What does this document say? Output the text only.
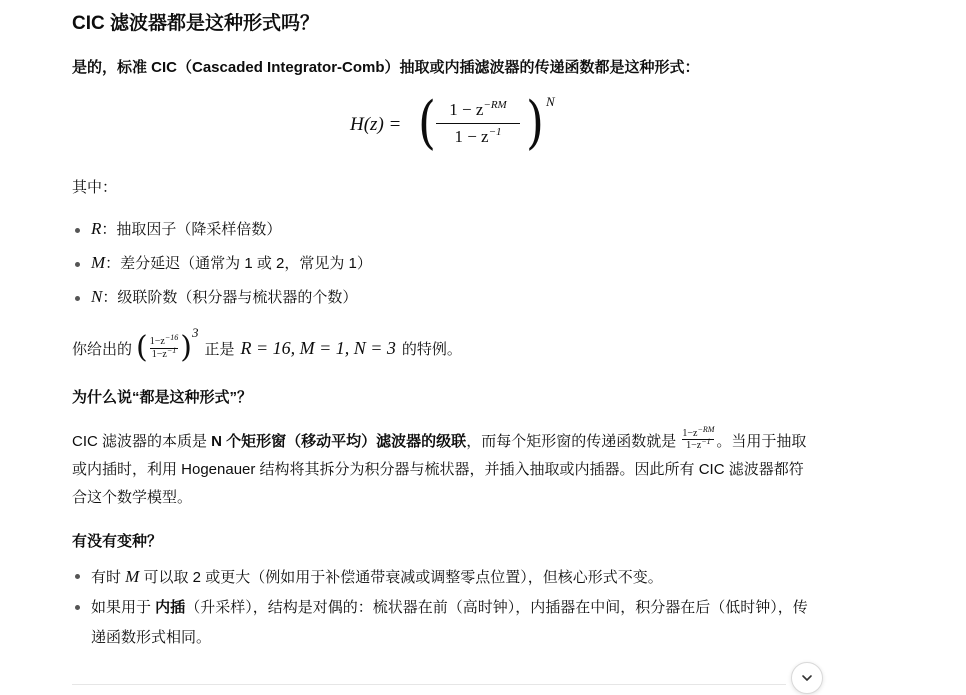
CIC 滤波器都是这种形式吗？

是的，标准 CIC（Cascaded Integrator-Comb）抽取或内插滤波器的传递函数都是这种形式：

H(z) = ( $1 - z^{-RM}$
$1 - z^{-1}$ ) N

其中：

R：抽取因子（降采样倍数）
M：差分延迟（通常为 1 或 2，常见为 1）
N：级联阶数（积分器与梳状器的个数）
你给出的 ( $\frac{1-z^{-16}}{1-z^{-1}}$ ) 3
正是 R = 16, M = 1, N = 3 的特例。
为什么说“都是这种形式”？

CIC 滤波器的本质是 N 个矩形窗（移动平均）滤波器的级联，而每个矩形窗的传递函数就是 $\frac{1-z^{-RM}}{1-z^{-1}}$ 。当用于抽取或内插时，利用 Hogenauer 结构将其拆分为积分器与梳状器，并插入抽取或内插器。因此所有 CIC 滤波器都符合这个数学模型。

有没有变种？
有时 M 可以取 2 或更大（例如用于补偿通带衰减或调整零点位置），但核心形式不变。
如果用于 内插（升采样），结构是对偶的：梳状器在前（高时钟），内插器在中间，积分器在后（低时钟），传递函数形式相同。
